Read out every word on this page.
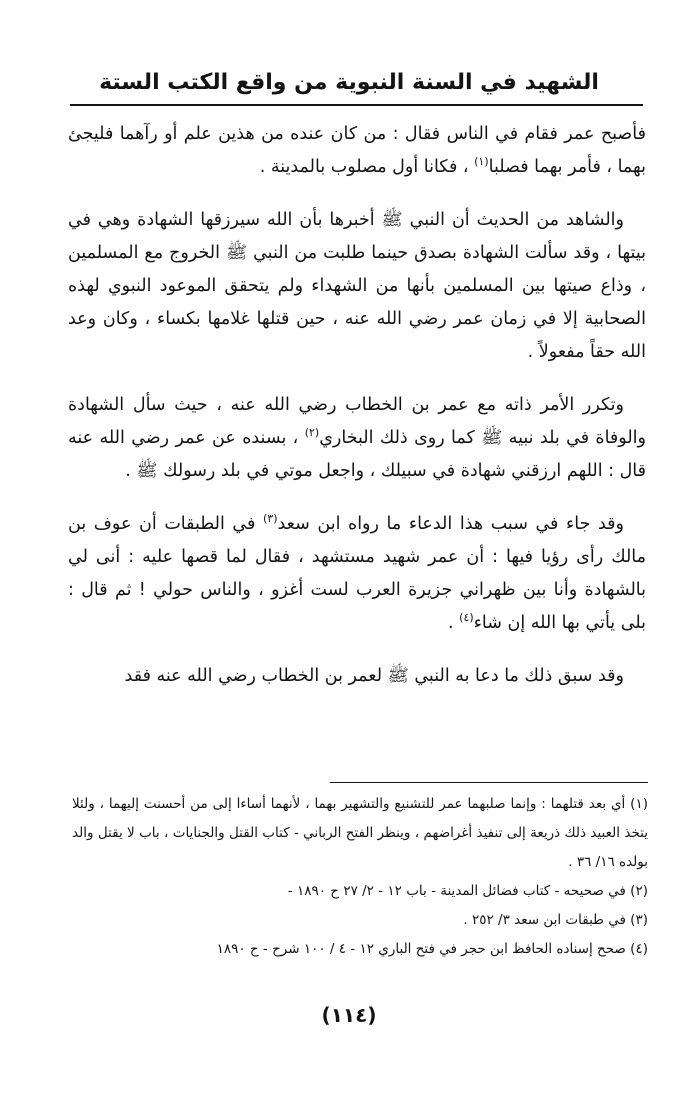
الشهيد في السنة النبوية من واقع الكتب الستة

فأصبح عمر فقام في الناس فقال : من كان عنده من هذين علم أو رآهما فليجئ بهما ، فأمر بهما فصلبا$^{(١)}$ ، فكانا أول مصلوب بالمدينة .

والشاهد من الحديث أن النبي ﷺ أخبرها بأن الله سيرزقها الشهادة وهي في بيتها ، وقد سألت الشهادة بصدق حينما طلبت من النبي ﷺ الخروج مع المسلمين ، وذاع صيتها بين المسلمين بأنها من الشهداء ولم يتحقق الموعود النبوي لهذه الصحابية إلا في زمان عمر رضي الله عنه ، حين قتلها غلامها بكساء ، وكان وعد الله حقاً مفعولاً .

وتكرر الأمر ذاته مع عمر بن الخطاب رضي الله عنه ، حيث سأل الشهادة والوفاة في بلد نبيه ﷺ كما روى ذلك البخاري$^{(٢)}$ ، بسنده عن عمر رضي الله عنه قال : اللهم ارزقني شهادة في سبيلك ، واجعل موتي في بلد رسولك ﷺ .

وقد جاء في سبب هذا الدعاء ما رواه ابن سعد$^{(٣)}$ في الطبقات أن عوف بن مالك رأى رؤيا فيها : أن عمر شهيد مستشهد ، فقال لما قصها عليه : أنى لي بالشهادة وأنا بين ظهراني جزيرة العرب لست أغزو ، والناس حولي ! ثم قال : بلى يأتي بها الله إن شاء$^{(٤)}$ .

وقد سبق ذلك ما دعا به النبي ﷺ لعمر بن الخطاب رضي الله عنه فقد

(١) أي بعد قتلهما : وإنما صلبهما عمر للتشنيع والتشهير بهما ، لأنهما أساءا إلى من أحسنت إليهما ، ولئلا يتخذ العبيد ذلك ذريعة إلى تنفيذ أغراضهم ، وينظر الفتح الرباني - كتاب القتل والجنايات ، باب لا يقتل والد بولده ١٦/ ٣٦ .

(٢) في صحيحه - كتاب فضائل المدينة - باب ١٢ - ٢/ ٢٧ ح ١٨٩٠ -

(٣) في طبقات ابن سعد ٣/ ٢٥٢ .

(٤) صحح إسناده الحافظ ابن حجر في فتح الباري ١٢ - ٤ / ١٠٠ شرح - ح ١٨٩٠

(١١٤)
